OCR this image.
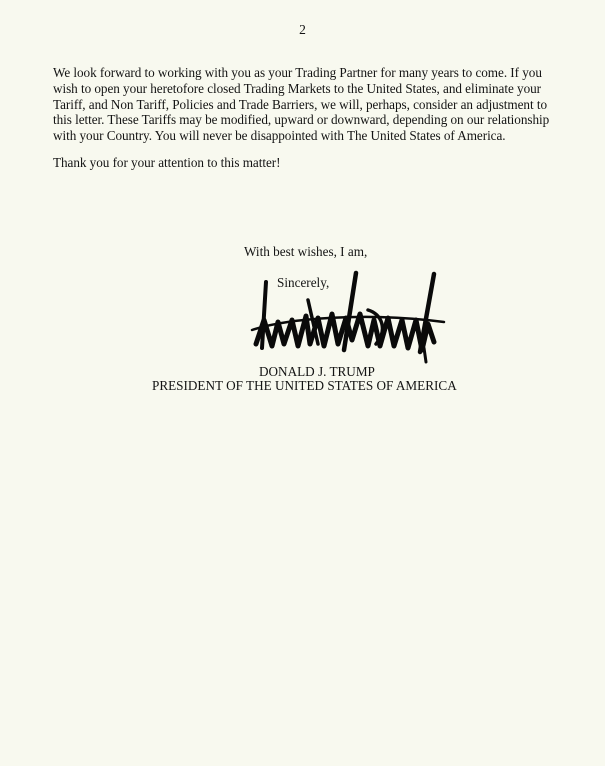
2

We look forward to working with you as your Trading Partner for many years to come. If you wish to open your heretofore closed Trading Markets to the United States, and eliminate your Tariff, and Non Tariff, Policies and Trade Barriers, we will, perhaps, consider an adjustment to this letter. These Tariffs may be modified, upward or downward, depending on our relationship with your Country. You will never be disappointed with The United States of America.

Thank you for your attention to this matter!

With best wishes, I am,
Sincerely,
DONALD J. TRUMP
PRESIDENT OF THE UNITED STATES OF AMERICA
